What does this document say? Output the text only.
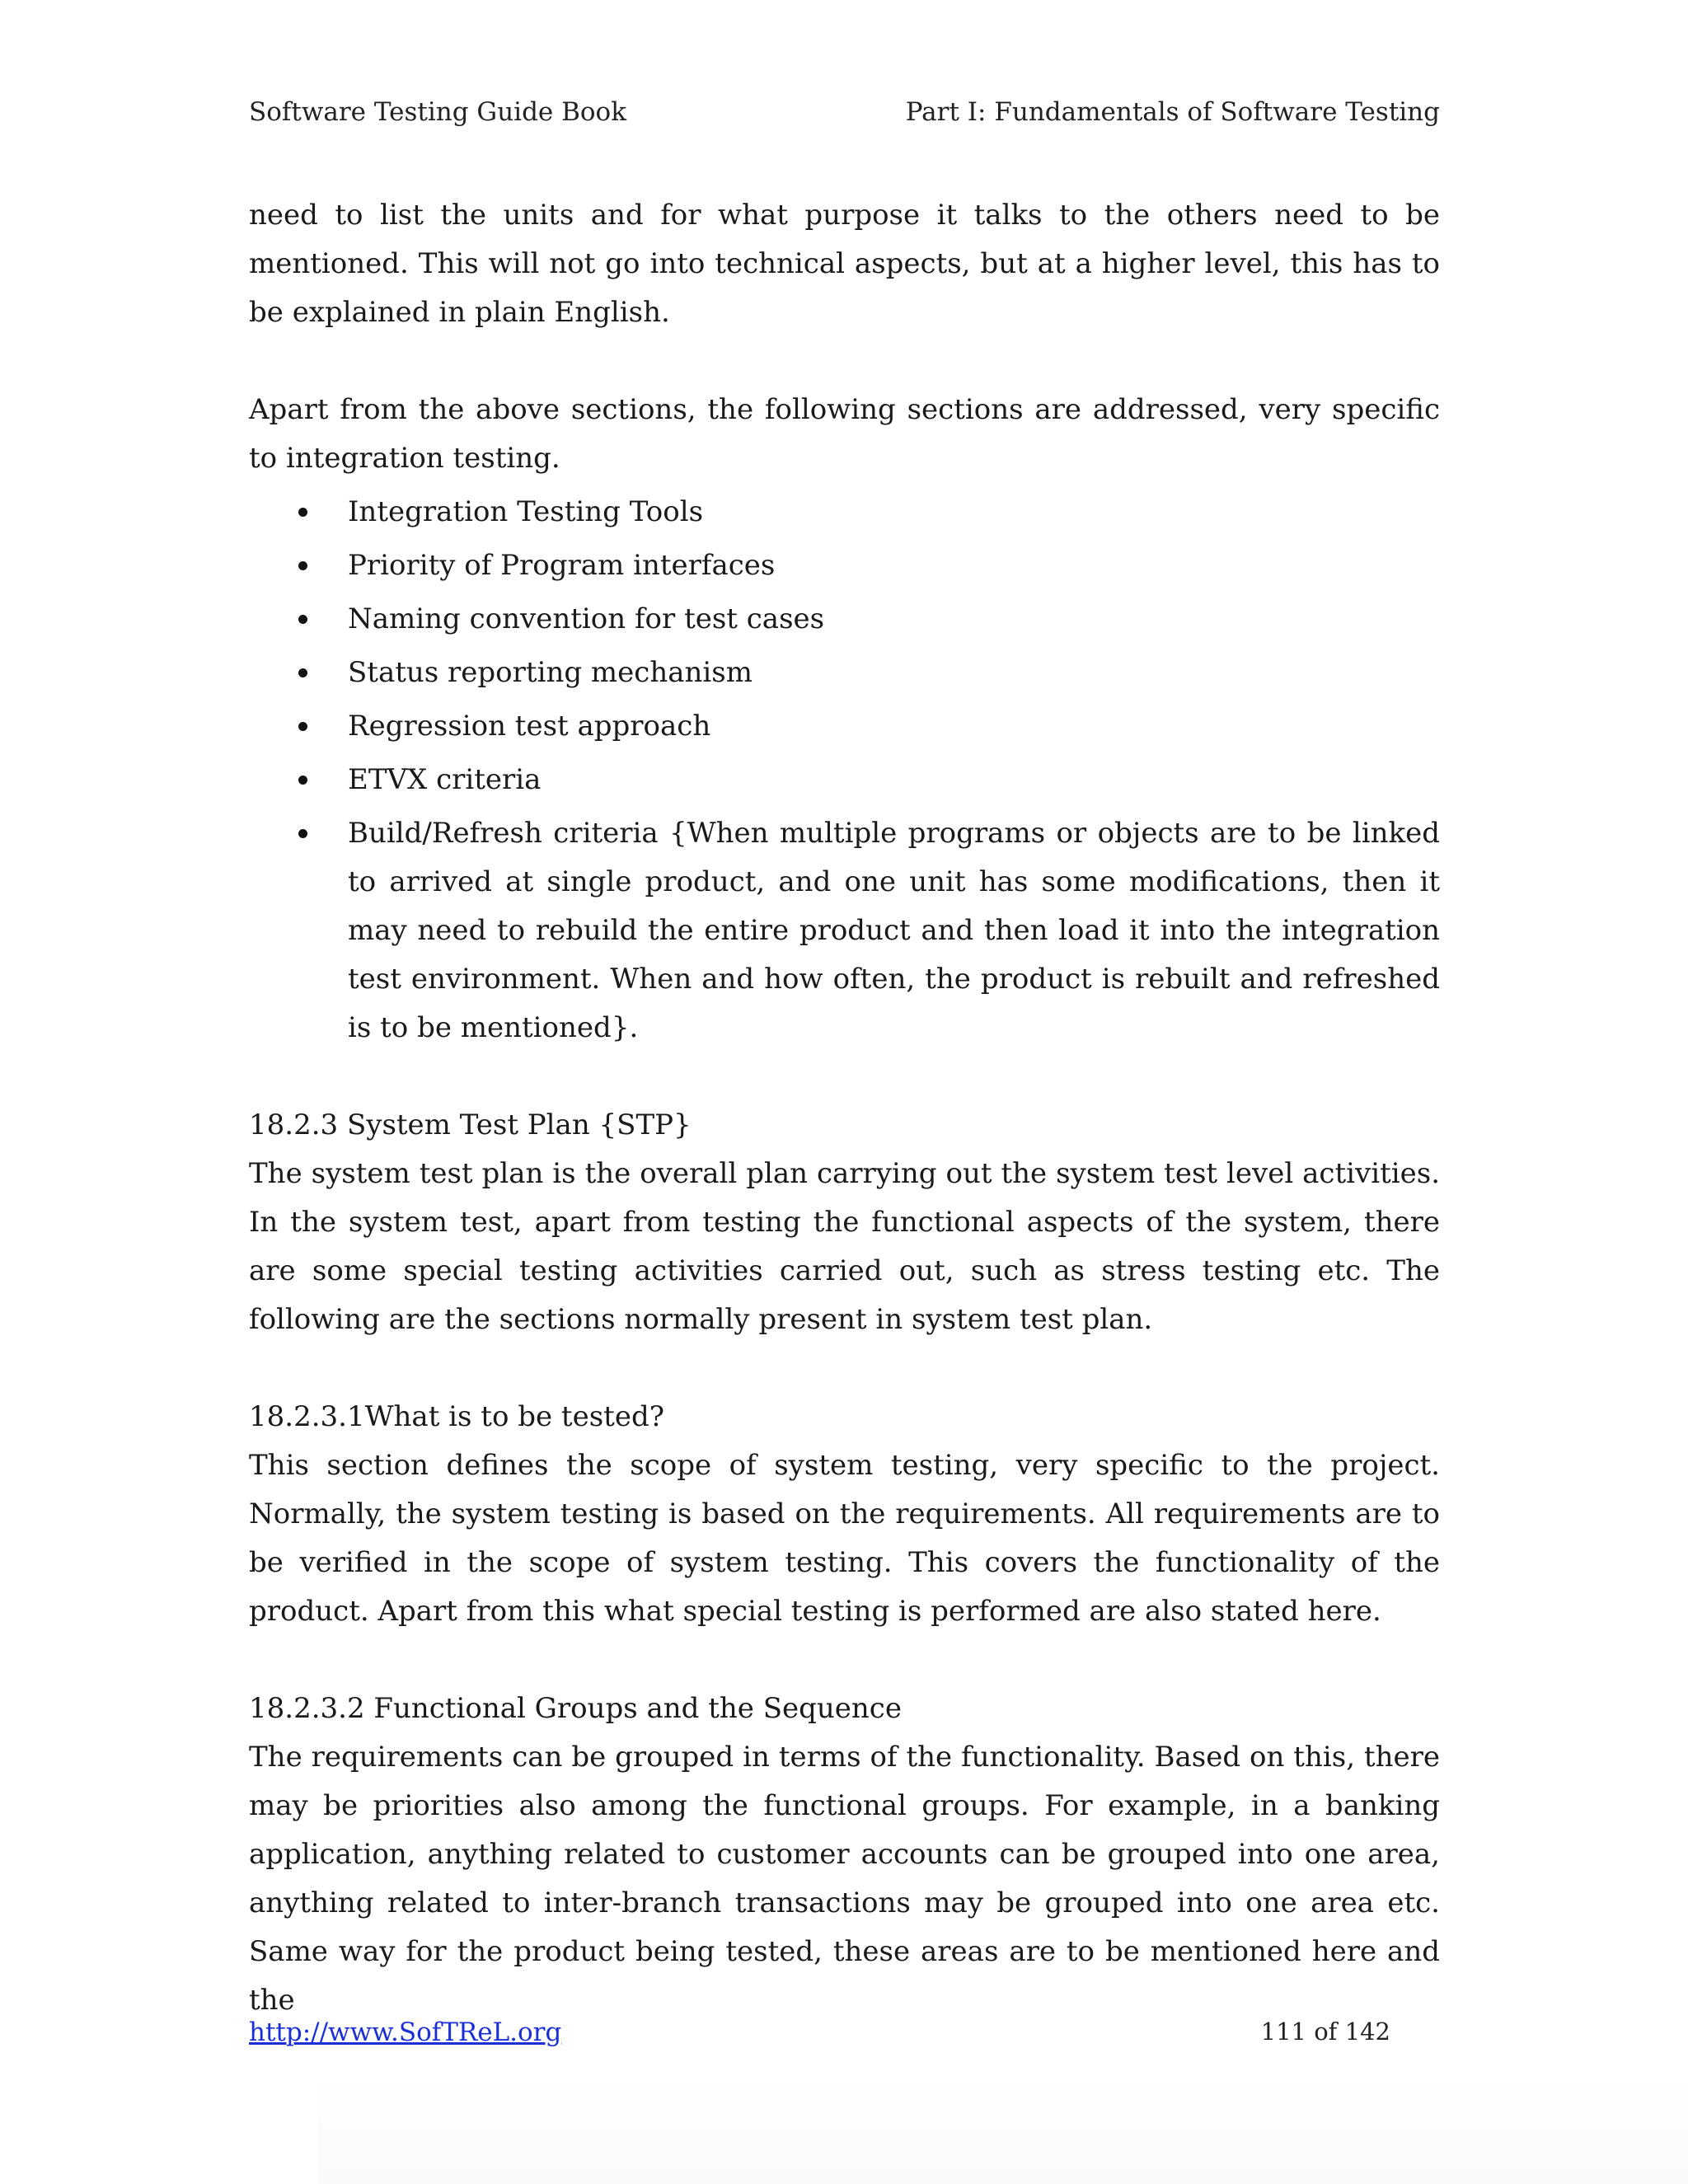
Software Testing Guide Book	Part I: Fundamentals of Software Testing

need to list the units and for what purpose it talks to the others need to be mentioned. This will not go into technical aspects, but at a higher level, this has to be explained in plain English.

Apart from the above sections, the following sections are addressed, very specific to integration testing.

Integration Testing Tools
Priority of Program interfaces
Naming convention for test cases
Status reporting mechanism
Regression test approach
ETVX criteria
Build/Refresh criteria {When multiple programs or objects are to be linked to arrived at single product, and one unit has some modifications, then it may need to rebuild the entire product and then load it into the integration test environment. When and how often, the product is rebuilt and refreshed is to be mentioned}.

18.2.3 System Test Plan {STP}

The system test plan is the overall plan carrying out the system test level activities. In the system test, apart from testing the functional aspects of the system, there are some special testing activities carried out, such as stress testing etc. The following are the sections normally present in system test plan.

18.2.3.1What is to be tested?

This section defines the scope of system testing, very specific to the project. Normally, the system testing is based on the requirements. All requirements are to be verified in the scope of system testing. This covers the functionality of the product. Apart from this what special testing is performed are also stated here.

18.2.3.2 Functional Groups and the Sequence

The requirements can be grouped in terms of the functionality. Based on this, there may be priorities also among the functional groups. For example, in a banking application, anything related to customer accounts can be grouped into one area, anything related to inter-branch transactions may be grouped into one area etc. Same way for the product being tested, these areas are to be mentioned here and the

http://www.SofTReL.org	111 of 142
